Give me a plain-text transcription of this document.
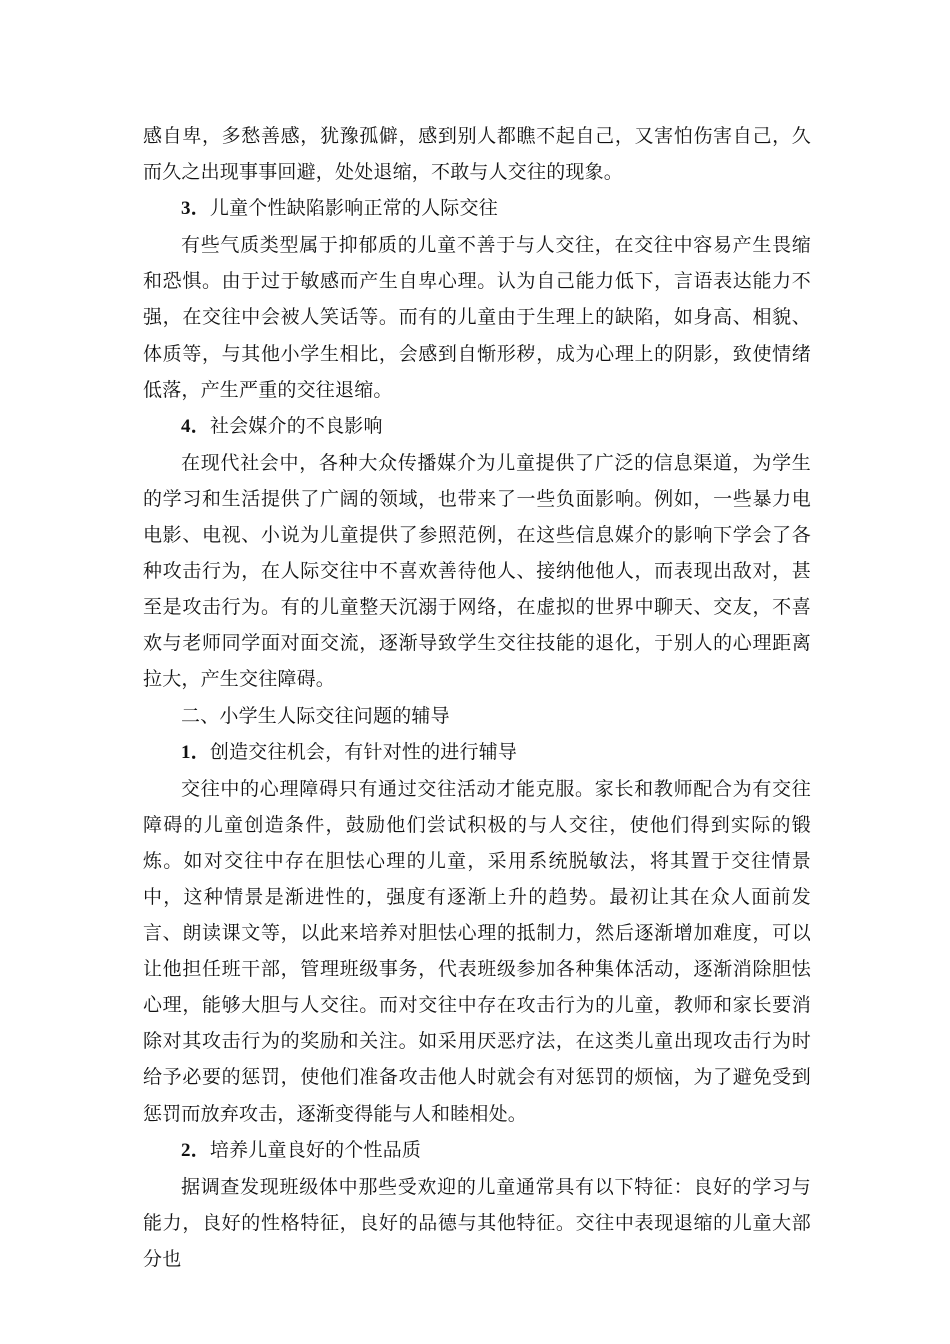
感自卑，多愁善感，犹豫孤僻，感到别人都瞧不起自己，又害怕伤害自己，久而久之出现事事回避，处处退缩，不敢与人交往的现象。

3．儿童个性缺陷影响正常的人际交往

有些气质类型属于抑郁质的儿童不善于与人交往，在交往中容易产生畏缩和恐惧。由于过于敏感而产生自卑心理。认为自己能力低下，言语表达能力不强，在交往中会被人笑话等。而有的儿童由于生理上的缺陷，如身高、相貌、体质等，与其他小学生相比，会感到自惭形秽，成为心理上的阴影，致使情绪低落，产生严重的交往退缩。

4．社会媒介的不良影响

在现代社会中，各种大众传播媒介为儿童提供了广泛的信息渠道，为学生的学习和生活提供了广阔的领域，也带来了一些负面影响。例如，一些暴力电电影、电视、小说为儿童提供了参照范例，在这些信息媒介的影响下学会了各种攻击行为，在人际交往中不喜欢善待他人、接纳他他人，而表现出敌对，甚至是攻击行为。有的儿童整天沉溺于网络，在虚拟的世界中聊天、交友，不喜欢与老师同学面对面交流，逐渐导致学生交往技能的退化，于别人的心理距离拉大，产生交往障碍。

二、小学生人际交往问题的辅导

1．创造交往机会，有针对性的进行辅导

交往中的心理障碍只有通过交往活动才能克服。家长和教师配合为有交往障碍的儿童创造条件，鼓励他们尝试积极的与人交往，使他们得到实际的锻炼。如对交往中存在胆怯心理的儿童，采用系统脱敏法，将其置于交往情景中，这种情景是渐进性的，强度有逐渐上升的趋势。最初让其在众人面前发言、朗读课文等，以此来培养对胆怯心理的抵制力，然后逐渐增加难度，可以让他担任班干部，管理班级事务，代表班级参加各种集体活动，逐渐消除胆怯心理，能够大胆与人交往。而对交往中存在攻击行为的儿童，教师和家长要消除对其攻击行为的奖励和关注。如采用厌恶疗法，在这类儿童出现攻击行为时给予必要的惩罚，使他们准备攻击他人时就会有对惩罚的烦恼，为了避免受到惩罚而放弃攻击，逐渐变得能与人和睦相处。

2．培养儿童良好的个性品质

据调查发现班级体中那些受欢迎的儿童通常具有以下特征：良好的学习与能力，良好的性格特征，良好的品德与其他特征。交往中表现退缩的儿童大部分也
